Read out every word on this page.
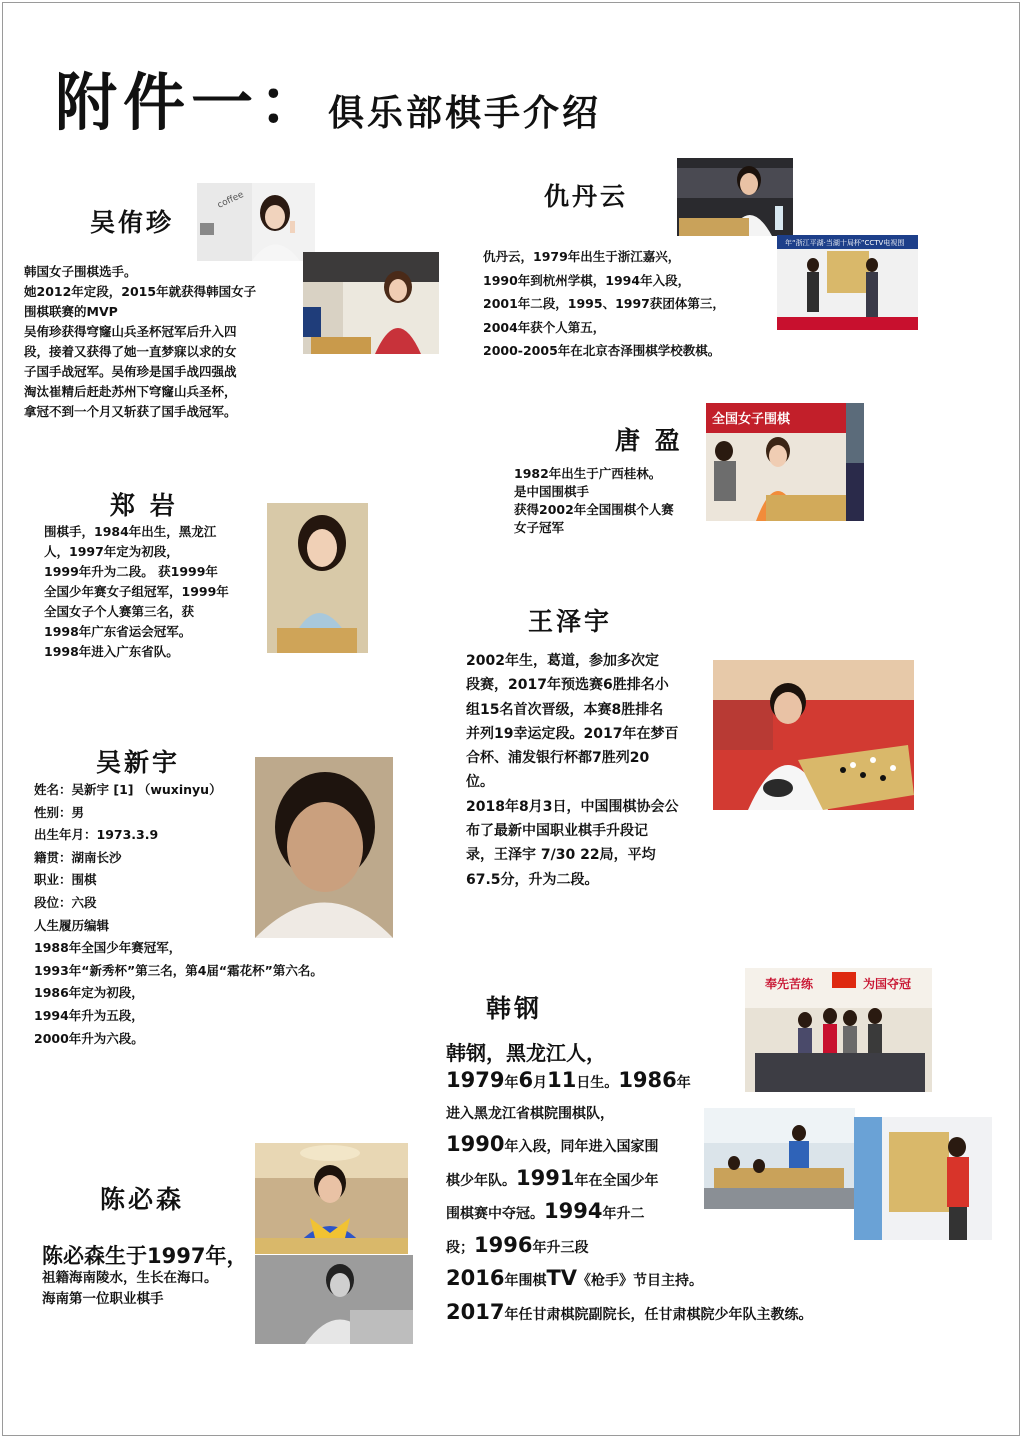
附件一： 俱乐部棋手介绍
吴侑珍
coffee
韩国女子围棋选手。
她2012年定段，2015年就获得韩国女子
围棋联赛的MVP
吴侑珍获得穹窿山兵圣杯冠军后升入四
段，接着又获得了她一直梦寐以求的女
子国手战冠军。吴侑珍是国手战四强战
淘汰崔精后赶赴苏州下穹窿山兵圣杯，
拿冠不到一个月又斩获了国手战冠军。
仇丹云
年“浙江平湖·当湖十局杯”CCTV电视围
仇丹云，1979年出生于浙江嘉兴，
1990年到杭州学棋，1994年入段，
2001年二段，1995、1997获团体第三，
2004年获个人第五，
2000-2005年在北京杏泽围棋学校教棋。
全国女子围棋
唐 盈
1982年出生于广西桂林。
是中国围棋手
获得2002年全国围棋个人赛
女子冠军
郑 岩
围棋手，1984年出生，黑龙江
人，1997年定为初段，
1999年升为二段。 获1999年
全国少年赛女子组冠军，1999年
全国女子个人赛第三名，获
1998年广东省运会冠军。
1998年进入广东省队。
王泽宇
2002年生，葛道，参加多次定
段赛，2017年预选赛6胜排名小
组15名首次晋级，本赛8胜排名
并列19幸运定段。2017年在梦百
合杯、浦发银行杯都7胜列20
位。
2018年8月3日，中国围棋协会公
布了最新中国职业棋手升段记
录，王泽宇 7/30 22局，平均
67.5分，升为二段。
吴新宇
姓名：吴新宇 [1] （wuxinyu）
性别：男
出生年月：1973.3.9
籍贯：湖南长沙
职业：围棋
段位：六段
人生履历编辑
1988年全国少年赛冠军，
1993年“新秀杯”第三名，第4届“霜花杯”第六名。
1986年定为初段，
1994年升为五段，
2000年升为六段。
韩钢
奉先苦练	为国夺冠
韩钢，黑龙江人，
1979年6月11日生。1986年
进入黑龙江省棋院围棋队，
1990年入段，同年进入国家围
棋少年队。1991年在全国少年
围棋赛中夺冠。1994年升二
段；1996年升三段
2016年围棋TV《枪手》节目主持。
2017年任甘肃棋院副院长，任甘肃棋院少年队主教练。
陈必森
陈必森生于1997年，
祖籍海南陵水，生长在海口。
海南第一位职业棋手
